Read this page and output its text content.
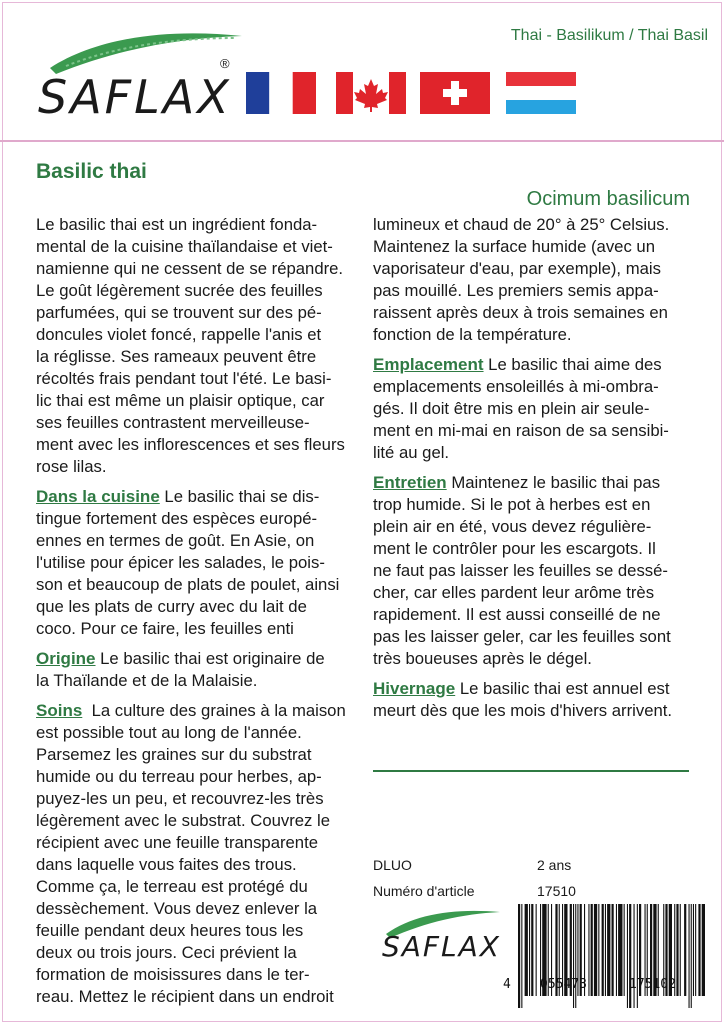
Thai - Basilikum / Thai Basil
SAFLAX
®
Basilic thai
Ocimum basilicum

Le basilic thai est un ingrédient fonda-

mental de la cuisine thaïlandaise et viet-

namienne qui ne cessent de se répandre.

Le goût légèrement sucrée des feuilles

parfumées, qui se trouvent sur des pé-

doncules violet foncé, rappelle l'anis et

la réglisse. Ses rameaux peuvent être

récoltés frais pendant tout l'été. Le basi-

lic thai est même un plaisir optique, car

ses feuilles contrastent merveilleuse-

ment avec les inflorescences et ses fleurs

rose lilas.

Dans la cuisine Le basilic thai se dis-

tingue fortement des espèces europé-

ennes en termes de goût. En Asie, on

l'utilise pour épicer les salades, le pois-

son et beaucoup de plats de poulet, ainsi

que les plats de curry avec du lait de

coco. Pour ce faire, les feuilles enti

Origine Le basilic thai est originaire de

la Thaïlande et de la Malaisie.

Soins  La culture des graines à la maison

est possible tout au long de l'année.

Parsemez les graines sur du substrat

humide ou du terreau pour herbes, ap-

puyez-les un peu, et recouvrez-les très

légèrement avec le substrat. Couvrez le

récipient avec une feuille transparente

dans laquelle vous faites des trous.

Comme ça, le terreau est protégé du

dessèchement. Vous devez enlever la

feuille pendant deux heures tous les

deux ou trois jours. Ceci prévient la

formation de moisissures dans le ter-

reau. Mettez le récipient dans un endroit

lumineux et chaud de 20° à 25° Celsius.

Maintenez la surface humide (avec un

vaporisateur d'eau, par exemple), mais

pas mouillé. Les premiers semis appa-

raissent après deux à trois semaines en

fonction de la température.

Emplacement Le basilic thai aime des

emplacements ensoleillés à mi-ombra-

gés. Il doit être mis en plein air seule-

ment en mi-mai en raison de sa sensibi-

lité au gel.

Entretien Maintenez le basilic thai pas

trop humide. Si le pot à herbes est en

plein air en été, vous devez régulière-

ment le contrôler pour les escargots. Il

ne faut pas laisser les feuilles se dessé-

cher, car elles pardent leur arôme très

rapidement. Il est aussi conseillé de ne

pas les laisser geler, car les feuilles sont

très boueuses après le dégel.

Hivernage Le basilic thai est annuel est

meurt dès que les mois d'hivers arrivent.

DLUO	2 ans
Numéro d'article	17510
SAFLAX
4 055473	175102
